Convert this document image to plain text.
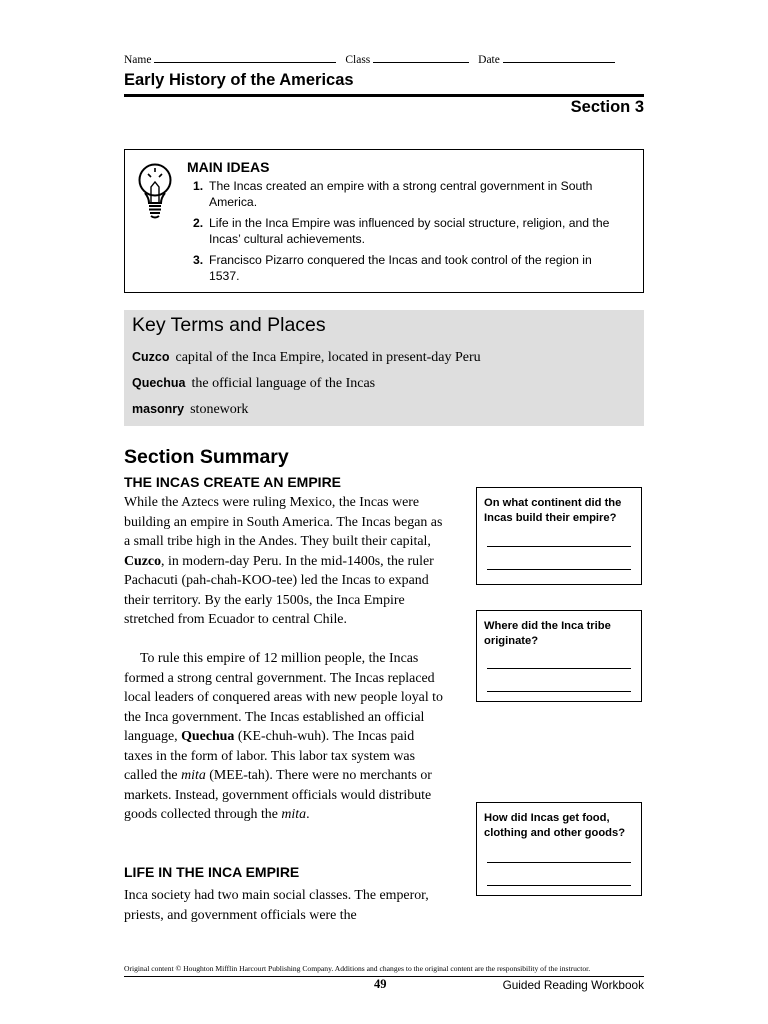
Name	Class	Date
Early History of the Americas
Section 3
MAIN IDEAS
1. The Incas created an empire with a strong central government in South America.
2. Life in the Inca Empire was influenced by social structure, religion, and the Incas’ cultural achievements.
3. Francisco Pizarro conquered the Incas and took control of the region in 1537.
Key Terms and Places
Cuzco capital of the Inca Empire, located in present-day Peru
Quechua the official language of the Incas
masonry stonework
Section Summary
THE INCAS CREATE AN EMPIRE

While the Aztecs were ruling Mexico, the Incas were building an empire in South America. The Incas began as a small tribe high in the Andes. They built their capital, Cuzco, in modern-day Peru. In the mid-1400s, the ruler Pachacuti (pah-chah-KOO-tee) led the Incas to expand their territory. By the early 1500s, the Inca Empire stretched from Ecuador to central Chile.

To rule this empire of 12 million people, the Incas formed a strong central government. The Incas replaced local leaders of conquered areas with new people loyal to the Inca government. The Incas established an official language, Quechua (KE-chuh-wuh). The Incas paid taxes in the form of labor. This labor tax system was called the mita (MEE-tah). There were no merchants or markets. Instead, government officials would distribute goods collected through the mita.

LIFE IN THE INCA EMPIRE

Inca society had two main social classes. The emperor, priests, and government officials were the

On what continent did the Incas build their empire?
Where did the Inca tribe originate?
How did Incas get food, clothing and other goods?
Original content © Houghton Mifflin Harcourt Publishing Company. Additions and changes to the original content are the responsibility of the instructor.
49	Guided Reading Workbook
